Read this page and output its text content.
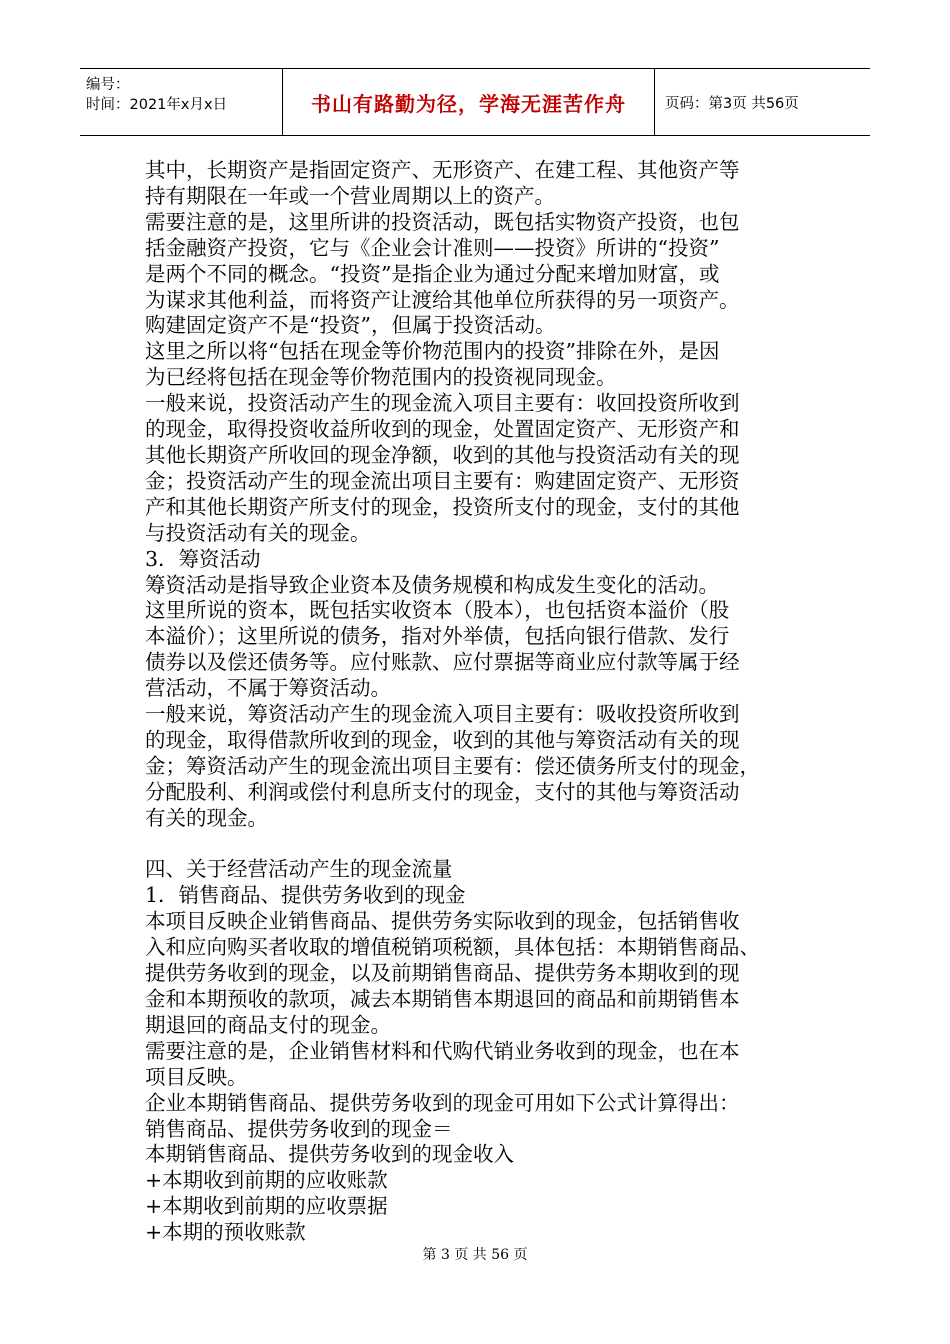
编号：
时间：2021年x月x日	书山有路勤为径，学海无涯苦作舟	页码：第3页 共56页

其中，长期资产是指固定资产、无形资产、在建工程、其他资产等

持有期限在一年或一个营业周期以上的资产。

需要注意的是，这里所讲的投资活动，既包括实物资产投资，也包

括金融资产投资，它与《企业会计准则——投资》所讲的“投资”

是两个不同的概念。“投资”是指企业为通过分配来增加财富，或

为谋求其他利益，而将资产让渡给其他单位所获得的另一项资产。

购建固定资产不是“投资”，但属于投资活动。

这里之所以将“包括在现金等价物范围内的投资”排除在外，是因

为已经将包括在现金等价物范围内的投资视同现金。

一般来说，投资活动产生的现金流入项目主要有：收回投资所收到

的现金，取得投资收益所收到的现金，处置固定资产、无形资产和

其他长期资产所收回的现金净额，收到的其他与投资活动有关的现

金；投资活动产生的现金流出项目主要有：购建固定资产、无形资

产和其他长期资产所支付的现金，投资所支付的现金，支付的其他

与投资活动有关的现金。

3．筹资活动

筹资活动是指导致企业资本及债务规模和构成发生变化的活动。

这里所说的资本，既包括实收资本（股本），也包括资本溢价（股

本溢价）；这里所说的债务，指对外举债，包括向银行借款、发行

债券以及偿还债务等。应付账款、应付票据等商业应付款等属于经

营活动，不属于筹资活动。

一般来说，筹资活动产生的现金流入项目主要有：吸收投资所收到

的现金，取得借款所收到的现金，收到的其他与筹资活动有关的现

金；筹资活动产生的现金流出项目主要有：偿还债务所支付的现金，

分配股利、利润或偿付利息所支付的现金，支付的其他与筹资活动

有关的现金。

四、关于经营活动产生的现金流量

1．销售商品、提供劳务收到的现金

本项目反映企业销售商品、提供劳务实际收到的现金，包括销售收

入和应向购买者收取的增值税销项税额，具体包括：本期销售商品、

提供劳务收到的现金，以及前期销售商品、提供劳务本期收到的现

金和本期预收的款项，减去本期销售本期退回的商品和前期销售本

期退回的商品支付的现金。

需要注意的是，企业销售材料和代购代销业务收到的现金，也在本

项目反映。

企业本期销售商品、提供劳务收到的现金可用如下公式计算得出：

销售商品、提供劳务收到的现金＝

本期销售商品、提供劳务收到的现金收入

+本期收到前期的应收账款

+本期收到前期的应收票据

+本期的预收账款

第 3 页 共 56 页
